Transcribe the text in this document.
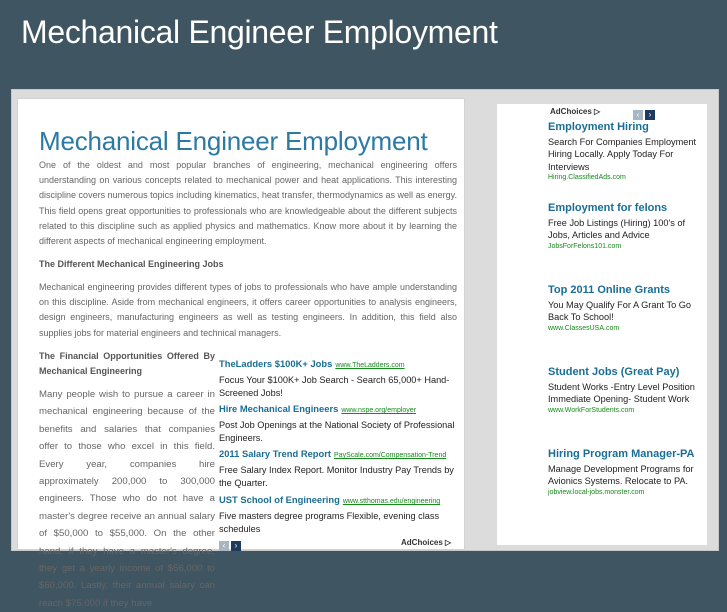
Mechanical Engineer Employment
Mechanical Engineer Employment

One of the oldest and most popular branches of engineering, mechanical engineering offers understanding on various concepts related to mechanical power and heat applications. This interesting discipline covers numerous topics including kinematics, heat transfer, thermodynamics as well as energy. This field opens great opportunities to professionals who are knowledgeable about the different subjects related to this discipline such as applied physics and mathematics. Know more about it by learning the different aspects of mechanical engineering employment.

The Different Mechanical Engineering Jobs

Mechanical engineering provides different types of jobs to professionals who have ample understanding on this discipline. Aside from mechanical engineers, it offers career opportunities to analysis engineers, design engineers, manufacturing engineers as well as testing engineers. In addition, this field also supplies jobs for material engineers and technical managers.

The Financial Opportunities Offered By Mechanical Engineering

Many people wish to pursue a career in mechanical engineering because of the benefits and salaries that companies offer to those who excel in this field. Every year, companies hire approximately 200,000 to 300,000 engineers. Those who do not have a master's degree receive an annual salary of $50,000 to $55,000. On the other hand, if they have a master's degree, they get a yearly income of $56,000 to $60,000. Lastly, their annual salary can reach $75,000 if they have

TheLadders $100K+ Jobs www.TheLadders.com
Focus Your $100K+ Job Search - Search 65,000+ Hand-Screened Jobs!
Hire Mechanical Engineers www.nspe.org/employer
Post Job Openings at the National Society of Professional Engineers.
2011 Salary Trend Report PayScale.com/Compensation-Trend
Free Salary Index Report. Monitor Industry Pay Trends by the Quarter.
UST School of Engineering www.stthomas.edu/engineering
Five masters degree programs Flexible, evening class schedules
‹ ›	AdChoices ▷
AdChoices ▷	‹ ›
Employment Hiring
Search For Companies Employment Hiring Locally. Apply Today For Interviews
Hiring.ClassifiedAds.com
Employment for felons
Free Job Listings (Hiring) 100's of Jobs, Articles and Advice
JobsForFelons101.com
Top 2011 Online Grants
You May Qualify For A Grant To Go Back To School!
www.ClassesUSA.com
Student Jobs (Great Pay)
Student Works -Entry Level Position Immediate Opening- Student Work
www.WorkForStudents.com
Hiring Program Manager-PA
Manage Development Programs for Avionics Systems. Relocate to PA.
jobview.local-jobs.monster.com
